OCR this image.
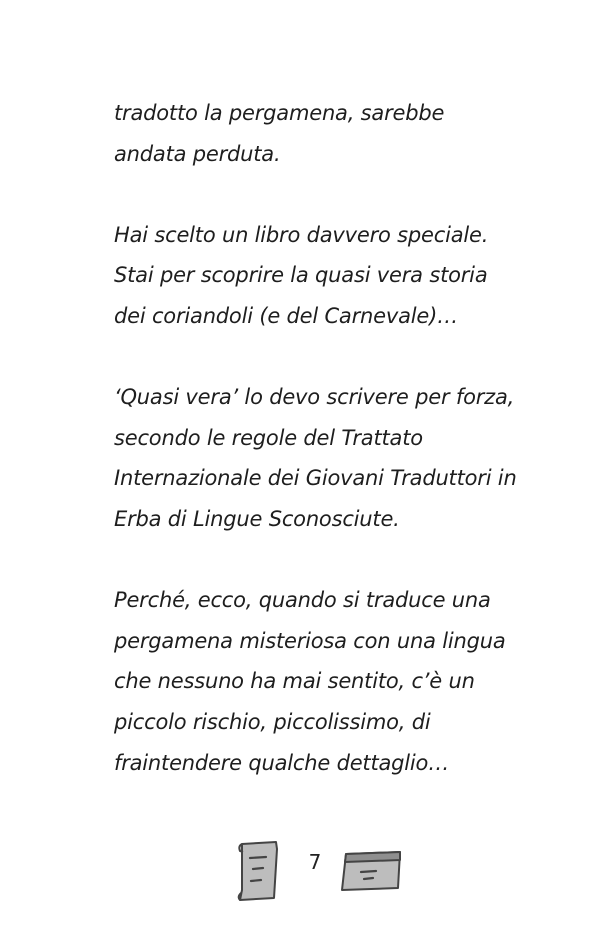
tradotto la pergamena, sarebbe
andata perduta.
Hai scelto un libro davvero speciale.
Stai per scoprire la quasi vera storia
dei coriandoli (e del Carnevale)…
‘Quasi vera’ lo devo scrivere per forza,
secondo le regole del Trattato
Internazionale dei Giovani Traduttori in
Erba di Lingue Sconosciute.
Perché, ecco, quando si traduce una
pergamena misteriosa con una lingua
che nessuno ha mai sentito, c’è un
piccolo rischio, piccolissimo, di
fraintendere qualche dettaglio…
7
